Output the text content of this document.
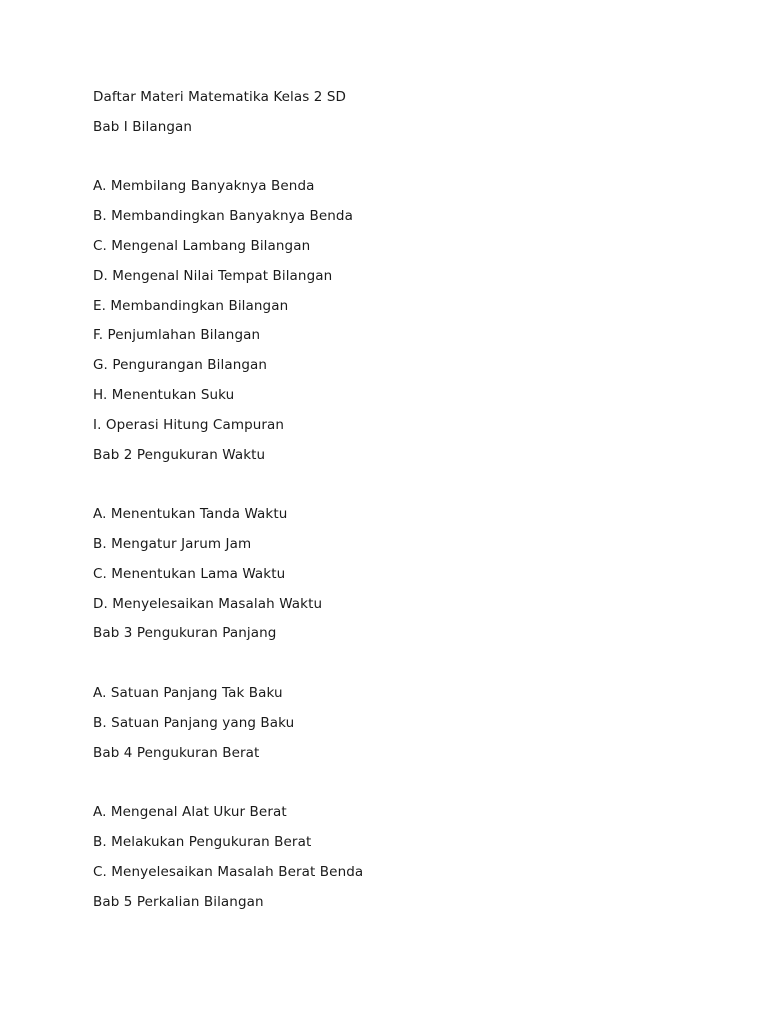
Daftar Materi Matematika Kelas 2 SD
Bab I Bilangan
A. Membilang Banyaknya Benda
B. Membandingkan Banyaknya Benda
C. Mengenal Lambang Bilangan
D. Mengenal Nilai Tempat Bilangan
E. Membandingkan Bilangan
F. Penjumlahan Bilangan
G. Pengurangan Bilangan
H. Menentukan Suku
I. Operasi Hitung Campuran
Bab 2 Pengukuran Waktu
A. Menentukan Tanda Waktu
B. Mengatur Jarum Jam
C. Menentukan Lama Waktu
D. Menyelesaikan Masalah Waktu
Bab 3 Pengukuran Panjang
A. Satuan Panjang Tak Baku
B. Satuan Panjang yang Baku
Bab 4 Pengukuran Berat
A. Mengenal Alat Ukur Berat
B. Melakukan Pengukuran Berat
C. Menyelesaikan Masalah Berat Benda
Bab 5 Perkalian Bilangan
